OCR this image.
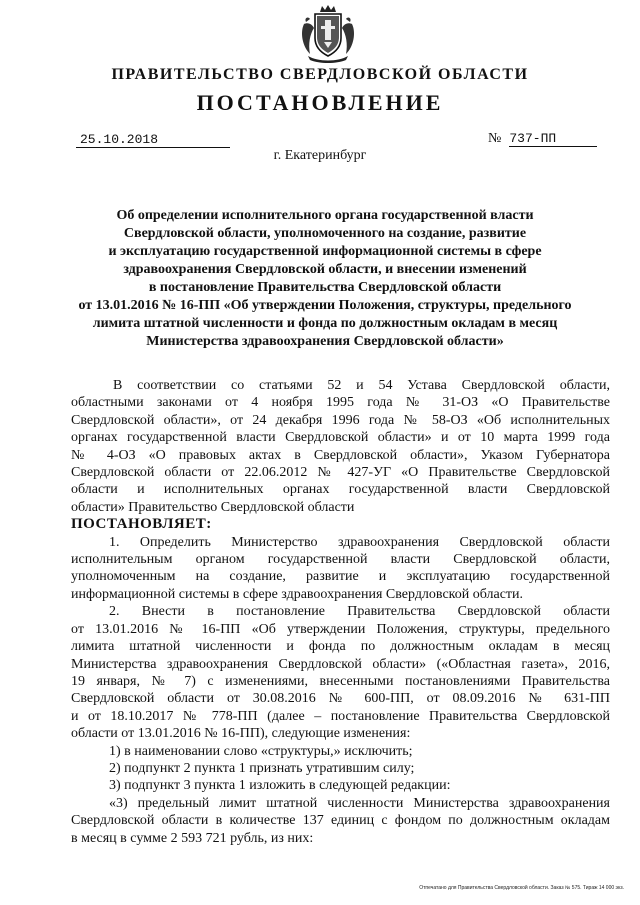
ПРАВИТЕЛЬСТВО СВЕРДЛОВСКОЙ ОБЛАСТИ
ПОСТАНОВЛЕНИЕ
25.10.2018	№ 737-ПП
г. Екатеринбург
Об определении исполнительного органа государственной власти
Свердловской области, уполномоченного на создание, развитие
и эксплуатацию государственной информационной системы в сфере
здравоохранения Свердловской области, и внесении изменений
в постановление Правительства Свердловской области
от 13.01.2016 № 16-ПП «Об утверждении Положения, структуры, предельного
лимита штатной численности и фонда по должностным окладам в месяц
Министерства здравоохранения Свердловской области»
В соответствии со статьями 52 и 54 Устава Свердловской области,
областными законами от 4 ноября 1995 года № 31-ОЗ «О Правительстве
Свердловской области», от 24 декабря 1996 года № 58-ОЗ «Об исполнительных
органах государственной власти Свердловской области» и от 10 марта 1999 года
№ 4-ОЗ «О правовых актах в Свердловской области», Указом Губернатора
Свердловской области от 22.06.2012 № 427-УГ «О Правительстве Свердловской
области и исполнительных органах государственной власти Свердловской
области» Правительство Свердловской области
ПОСТАНОВЛЯЕТ:
1. Определить Министерство здравоохранения Свердловской области
исполнительным органом государственной власти Свердловской области,
уполномоченным на создание, развитие и эксплуатацию государственной
информационной системы в сфере здравоохранения Свердловской области.
2. Внести в постановление Правительства Свердловской области
от 13.01.2016 № 16-ПП «Об утверждении Положения, структуры, предельного
лимита штатной численности и фонда по должностным окладам в месяц
Министерства здравоохранения Свердловской области» («Областная газета», 2016,
19 января, № 7) с изменениями, внесенными постановлениями Правительства
Свердловской области от 30.08.2016 № 600-ПП, от 08.09.2016 № 631-ПП
и от 18.10.2017 № 778-ПП (далее – постановление Правительства Свердловской
области от 13.01.2016 № 16-ПП), следующие изменения:
1) в наименовании слово «структуры,» исключить;
2) подпункт 2 пункта 1 признать утратившим силу;
3) подпункт 3 пункта 1 изложить в следующей редакции:
«3) предельный лимит штатной численности Министерства здравоохранения
Свердловской области в количестве 137 единиц с фондом по должностным окладам
в месяц в сумме 2 593 721 рубль, из них:
Отпечатано для Правительства Свердловской области. Заказ № 575. Тираж 14 000 экз.
